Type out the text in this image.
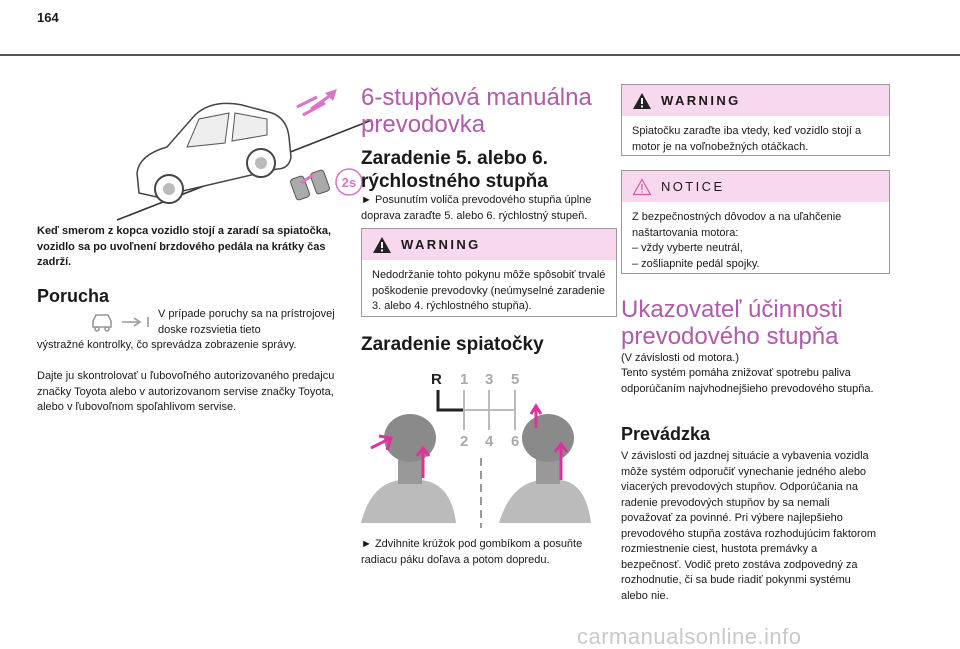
164
2s

Keď smerom z kopca vozidlo stojí a zaradí sa spiatočka, vozidlo sa po uvoľnení brzdového pedála na krátky čas zadrží.

Porucha

V prípade poruchy sa na prístrojovej doske rozsvietia tieto

výstražné kontrolky, čo sprevádza zobrazenie správy.

Dajte ju skontrolovať u ľubovoľného autorizovaného predajcu značky Toyota alebo v autorizovanom servise značky Toyota, alebo v ľubovoľnom spoľahlivom servise.

6-stupňová manuálna prevodovka
Zaradenie 5. alebo 6. rýchlostného stupňa

► Posunutím voliča prevodového stupňa úplne doprava zaraďte 5. alebo 6. rýchlostný stupeň.

WARNING
Nedodržanie tohto pokynu môže spôsobiť trvalé poškodenie prevodovky (neúmyselné zaradenie 3. alebo 4. rýchlostného stupňa).
Zaradenie spiatočky
R 1 3 5
2 4 6

► Zdvihnite krúžok pod gombíkom a posuňte radiacu páku doľava a potom dopredu.

WARNING
Spiatočku zaraďte iba vtedy, keď vozidlo stojí a motor je na voľnobežných otáčkach.
NOTICE
Z bezpečnostných dôvodov a na uľahčenie naštartovania motora:
– vždy vyberte neutrál,
– zošliapnite pedál spojky.
Ukazovateľ účinnosti prevodového stupňa

(V závislosti od motora.)

Tento systém pomáha znižovať spotrebu paliva odporúčaním najvhodnejšieho prevodového stupňa.

Prevádzka

V závislosti od jazdnej situácie a vybavenia vozidla môže systém odporučiť vynechanie jedného alebo viacerých prevodových stupňov. Odporúčania na radenie prevodových stupňov by sa nemali považovať za povinné. Pri výbere najlepšieho prevodového stupňa zostáva rozhodujúcim faktorom rozmiestnenie ciest, hustota premávky a bezpečnosť. Vodič preto zostáva zodpovedný za rozhodnutie, či sa bude riadiť pokynmi systému alebo nie.

carmanualsonline.info
